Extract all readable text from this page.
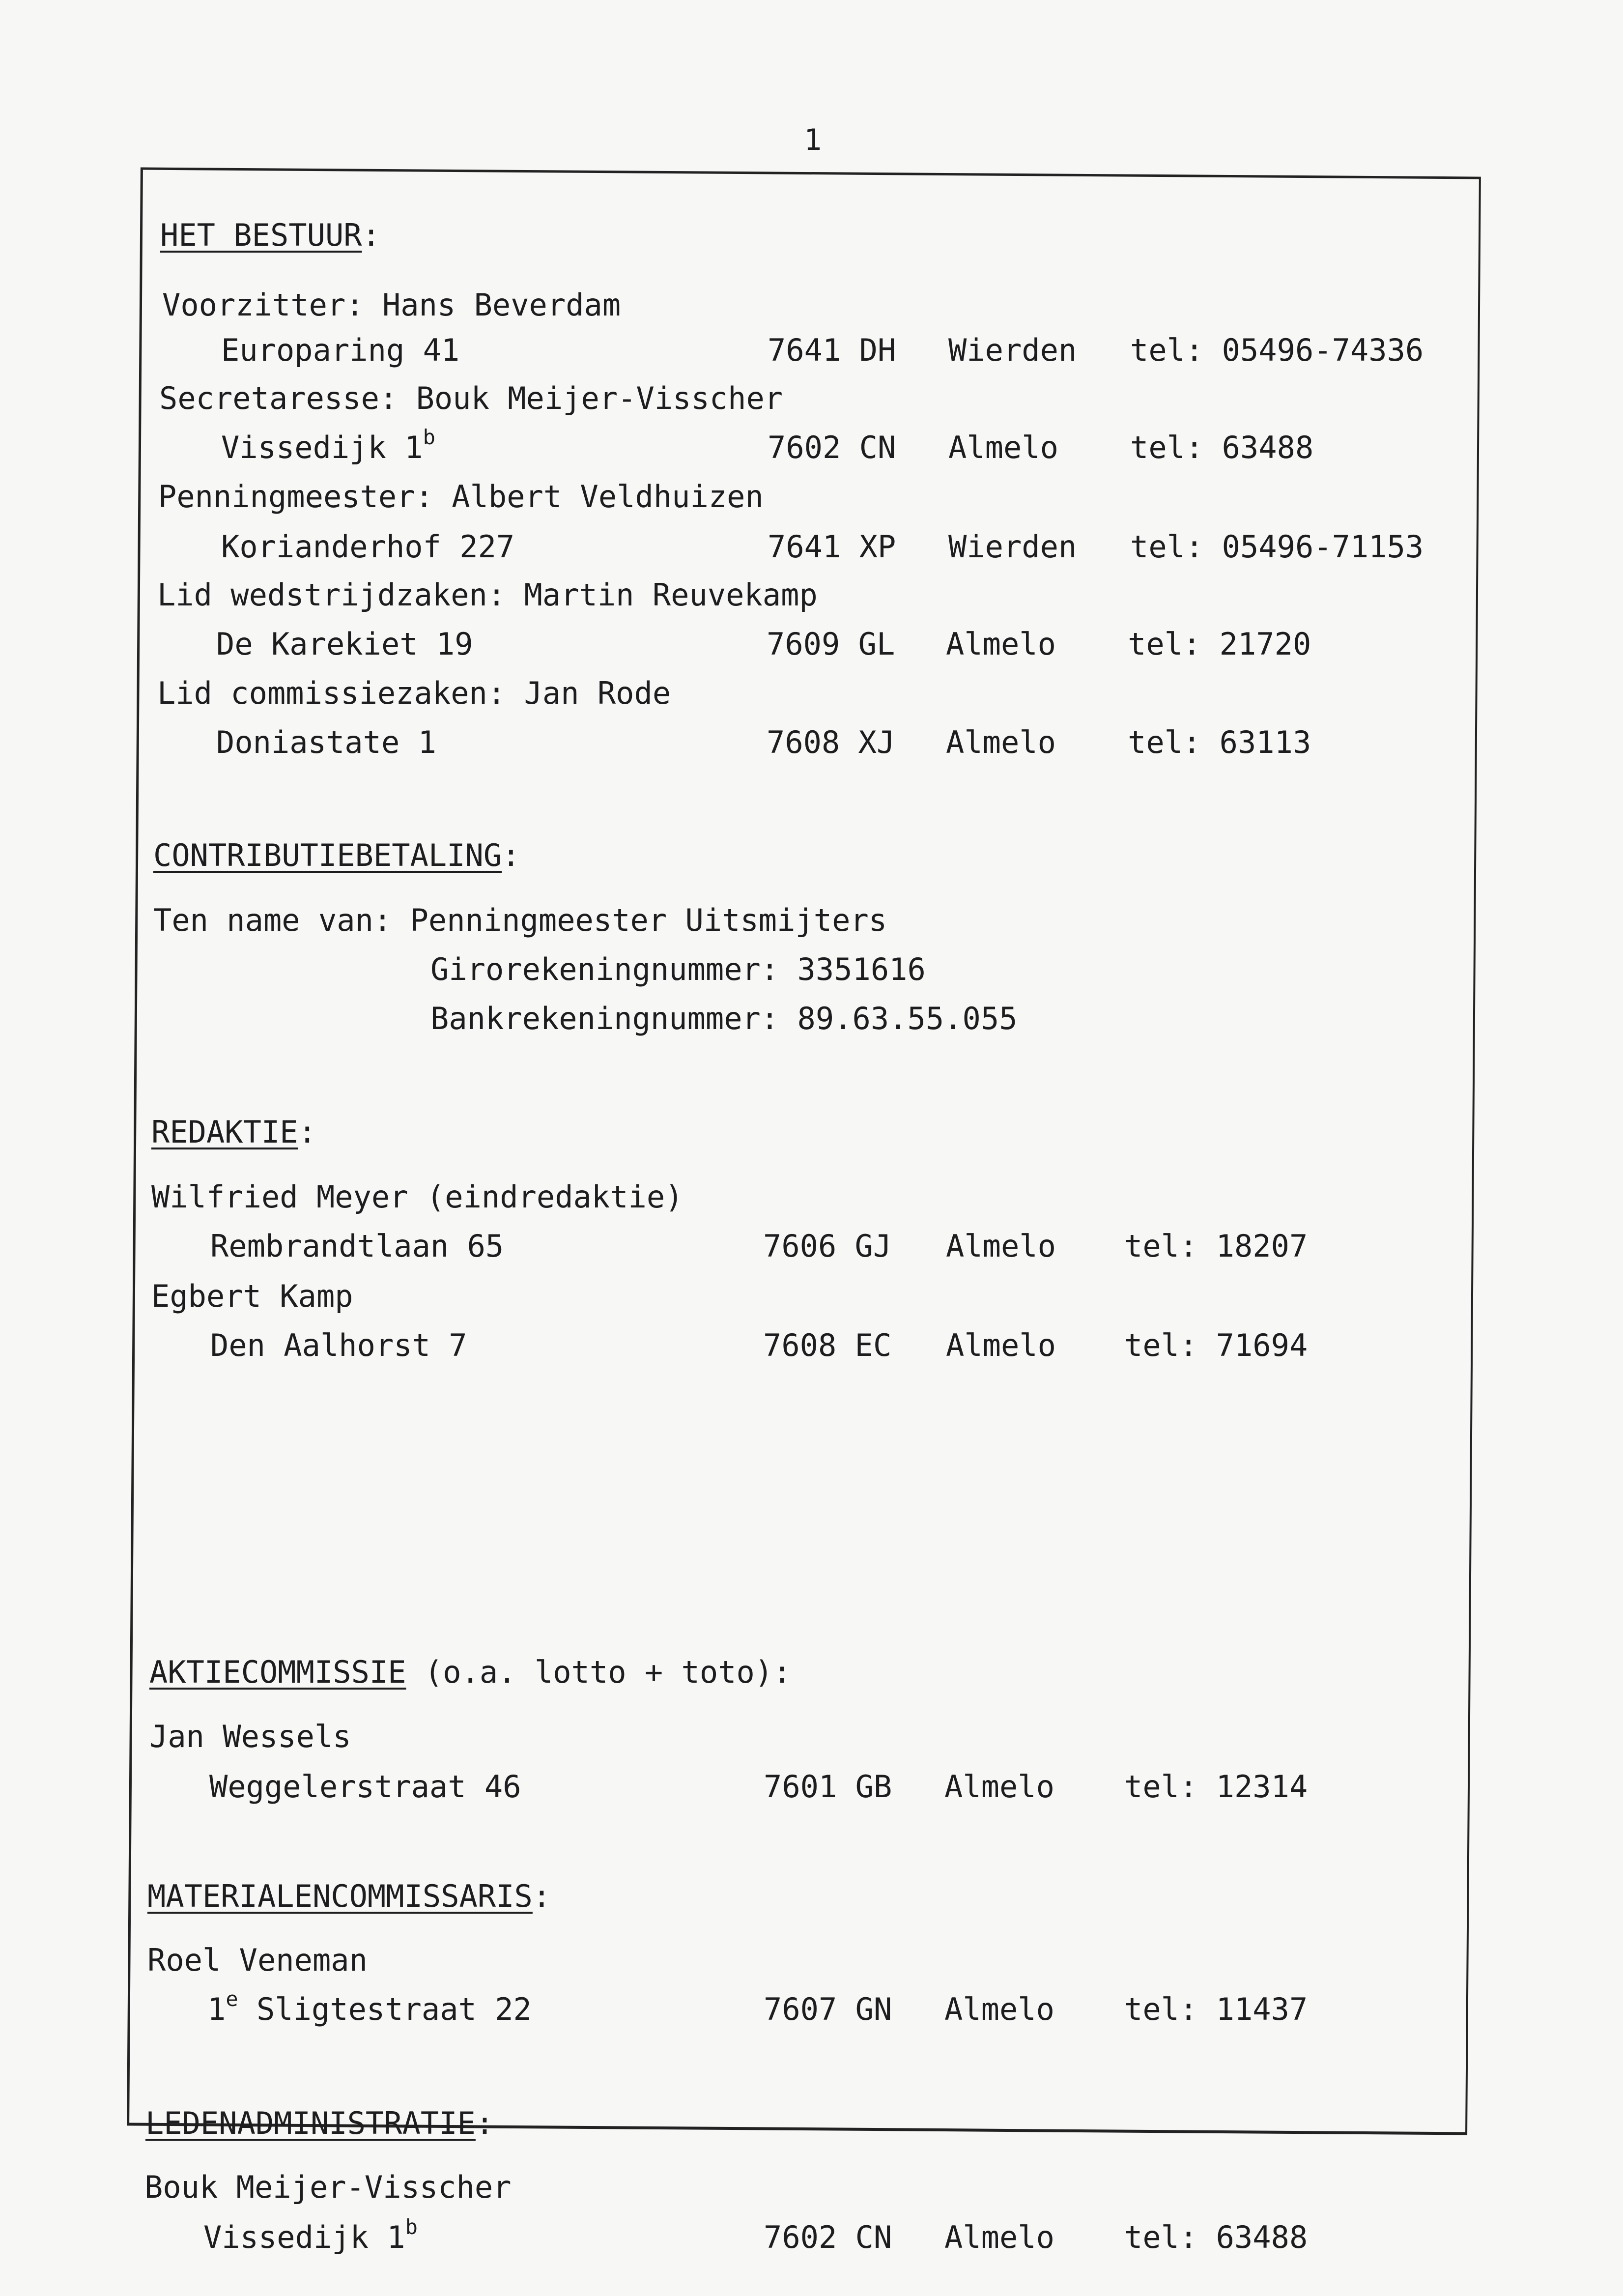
1
HET BESTUUR:
Voorzitter: Hans Beverdam
Europaring 41	7641 DH Wierden tel: 05496-74336
Secretaresse: Bouk Meijer-Visscher
Vissedijk 1$^b$	7602 CN Almelo tel: 63488
Penningmeester: Albert Veldhuizen
Korianderhof 227	7641 XP Wierden tel: 05496-71153
Lid wedstrijdzaken: Martin Reuvekamp
De Karekiet 19	7609 GL Almelo tel: 21720
Lid commissiezaken: Jan Rode
Doniastate 1	7608 XJ Almelo tel: 63113
CONTRIBUTIEBETALING:
Ten name van: Penningmeester Uitsmijters
Girorekeningnummer: 3351616
Bankrekeningnummer: 89.63.55.055
REDAKTIE:
Wilfried Meyer (eindredaktie)
Rembrandtlaan 65	7606 GJ Almelo tel: 18207
Egbert Kamp
Den Aalhorst 7	7608 EC Almelo tel: 71694
AKTIECOMMISSIE (o.a. lotto + toto):
Jan Wessels
Weggelerstraat 46	7601 GB Almelo tel: 12314
MATERIALENCOMMISSARIS:
Roel Veneman
1e Sligtestraat 22	7607 GN Almelo tel: 11437
LEDENADMINISTRATIE:
Bouk Meijer-Visscher
Vissedijk 1$^b$	7602 CN Almelo tel: 63488
